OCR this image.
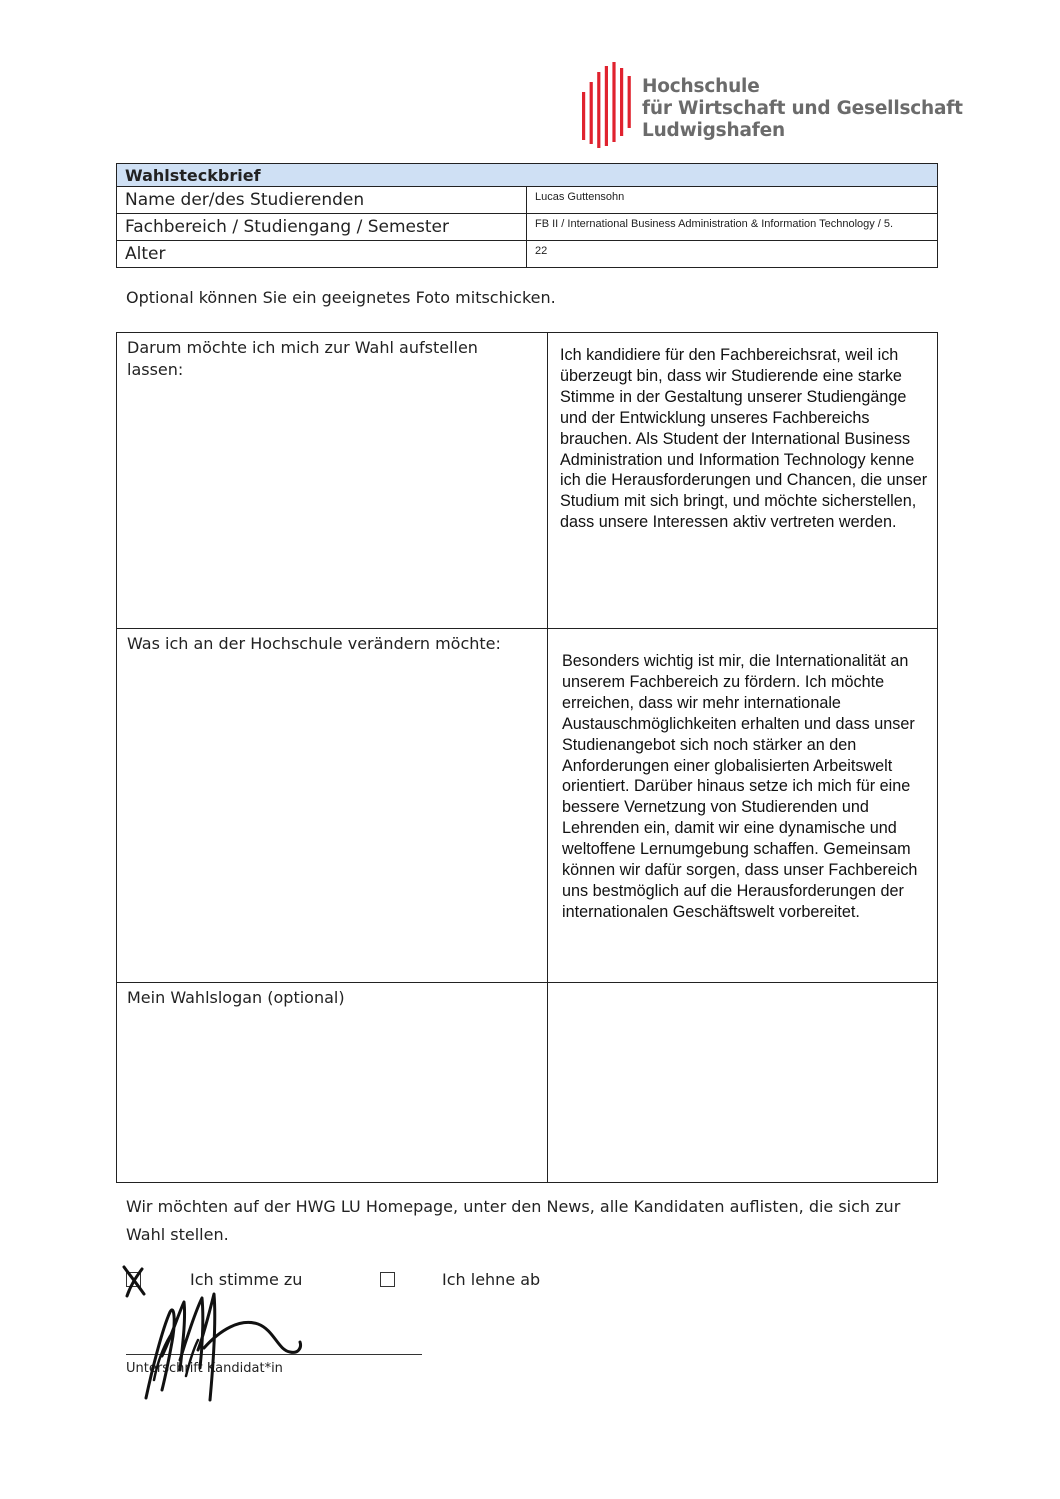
Hochschule
für Wirtschaft und Gesellschaft
Ludwigshafen
Wahlsteckbrief	
Name der/des Studierenden	Lucas Guttensohn
Fachbereich / Studiengang / Semester	FB II / International Business Administration & Information Technology / 5.
Alter	22
Optional können Sie ein geeignetes Foto mitschicken.
Darum möchte ich mich zur Wahl aufstellen lassen:	Ich kandidiere für den Fachbereichsrat, weil ich überzeugt bin, dass wir Studierende eine starke Stimme in der Gestaltung unserer Studiengänge und der Entwicklung unseres Fachbereichs brauchen. Als Student der International Business Administration und Information Technology kenne ich die Herausforderungen und Chancen, die unser Studium mit sich bringt, und möchte sicherstellen, dass unsere Interessen aktiv vertreten werden.
Was ich an der Hochschule verändern möchte:	Besonders wichtig ist mir, die Internationalität an unserem Fachbereich zu fördern. Ich möchte erreichen, dass wir mehr internationale Austauschmöglichkeiten erhalten und dass unser Studienangebot sich noch stärker an den Anforderungen einer globalisierten Arbeitswelt orientiert. Darüber hinaus setze ich mich für eine bessere Vernetzung von Studierenden und Lehrenden ein, damit wir eine dynamische und weltoffene Lernumgebung schaffen. Gemeinsam können wir dafür sorgen, dass unser Fachbereich uns bestmöglich auf die Herausforderungen der internationalen Geschäftswelt vorbereitet.
Mein Wahlslogan (optional)	
Wir möchten auf der HWG LU Homepage, unter den News, alle Kandidaten auflisten, die sich zur Wahl stellen.
Ich stimme zu	Ich lehne ab
Unterschrift Kandidat*in
